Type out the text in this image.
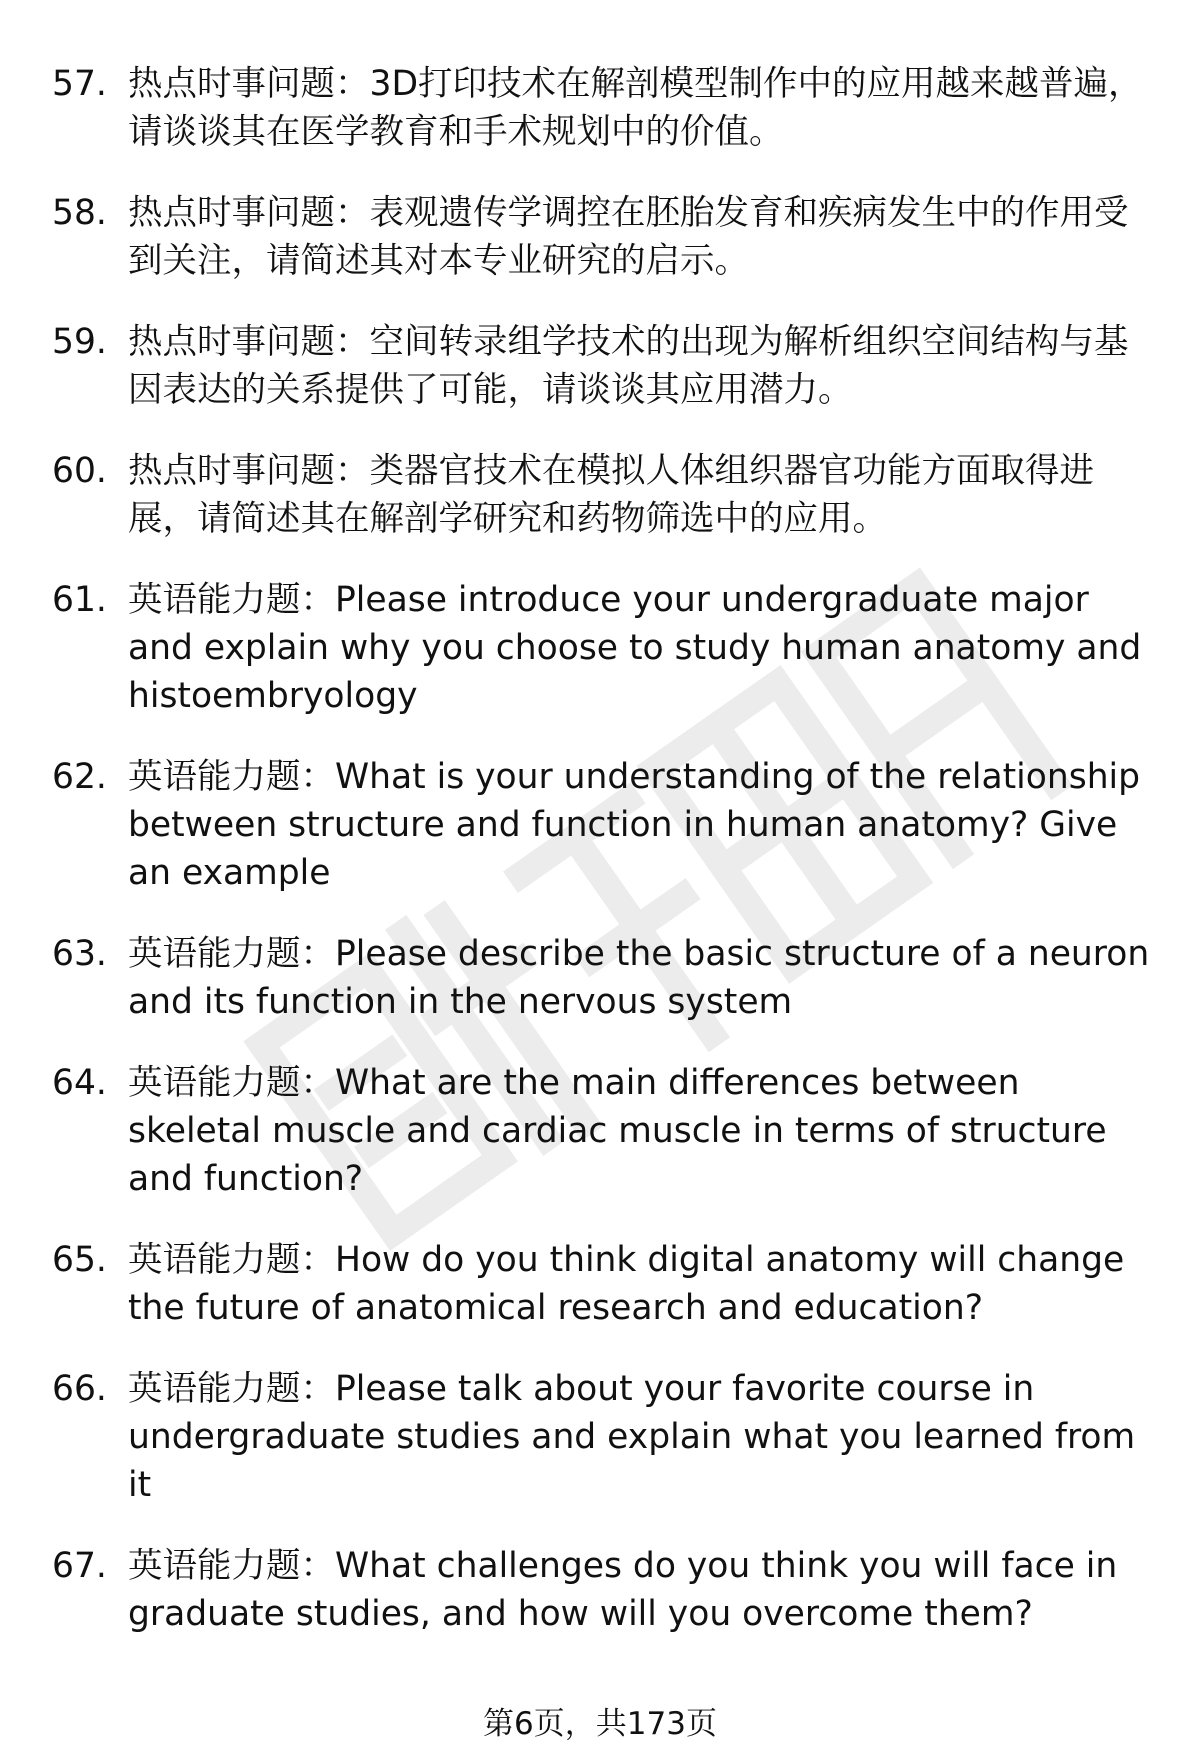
57. 热点时事问题：3D打印技术在解剖模型制作中的应用越来越普遍，请谈谈其在医学教育和手术规划中的价值。
58. 热点时事问题：表观遗传学调控在胚胎发育和疾病发生中的作用受到关注，请简述其对本专业研究的启示。
59. 热点时事问题：空间转录组学技术的出现为解析组织空间结构与基因表达的关系提供了可能，请谈谈其应用潜力。
60. 热点时事问题：类器官技术在模拟人体组织器官功能方面取得进展，请简述其在解剖学研究和药物筛选中的应用。
61. 英语能力题：Please introduce your undergraduate major and explain why you choose to study human anatomy and histoembryology
62. 英语能力题：What is your understanding of the relationship between structure and function in human anatomy? Give an example
63. 英语能力题：Please describe the basic structure of a neuron and its function in the nervous system
64. 英语能力题：What are the main differences between skeletal muscle and cardiac muscle in terms of structure and function?
65. 英语能力题：How do you think digital anatomy will change the future of anatomical research and education?
66. 英语能力题：Please talk about your favorite course in undergraduate studies and explain what you learned from it
67. 英语能力题：What challenges do you think you will face in graduate studies, and how will you overcome them?
第6页，共173页
